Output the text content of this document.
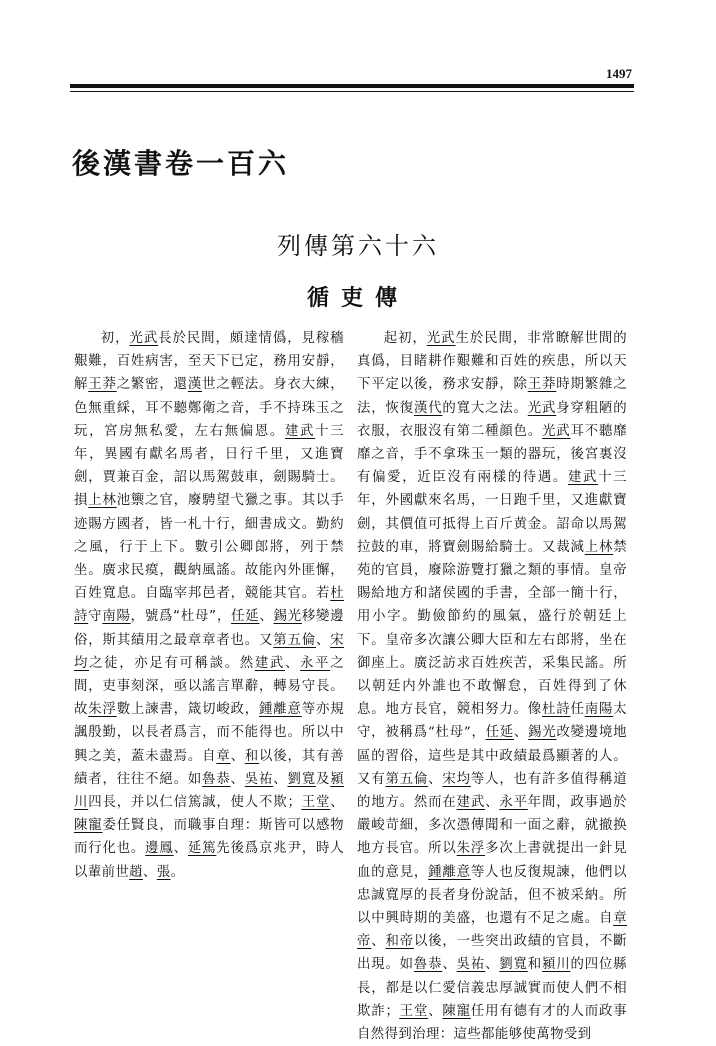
1497
後漢書卷一百六
列傳第六十六
循吏傳

初，光武長於民間，頗達情僞，見稼穡艱難，百姓病害，至天下已定，務用安靜，解王莽之繁密，還漢世之輕法。身衣大練，色無重綵，耳不聽鄭衛之音，手不持珠玉之玩，宮房無私愛，左右無偏恩。建武十三年，異國有獻名馬者，日行千里，又進寶劍，賈兼百金，詔以馬駕鼓車，劍賜騎士。損上林池籞之官，廢騁望弋獵之事。其以手迹賜方國者，皆一札十行，細書成文。勤約之風，行于上下。數引公卿郎將，列于禁坐。廣求民瘼，觀納風謠。故能內外匪懈，百姓寬息。自臨宰邦邑者，競能其官。若杜詩守南陽，號爲“杜母”，任延、錫光移變邊俗，斯其績用之最章章者也。又第五倫、宋均之徒，亦足有可稱談。然建武、永平之間，吏事刻深，亟以謠言單辭，轉易守長。故朱浮數上諫書，箴切峻政，鍾離意等亦規諷殷勤，以長者爲言，而不能得也。所以中興之美，蓋未盡焉。自章、和以後，其有善績者，往往不絕。如魯恭、吳祐、劉寬及潁川四長，并以仁信篤誠，使人不欺；王堂、陳寵委任賢良，而職事自理：斯皆可以感物而行化也。邊鳳、延篤先後爲京兆尹，時人以輩前世趙、張。

起初，光武生於民間，非常瞭解世間的真僞，目睹耕作艱難和百姓的疾患，所以天下平定以後，務求安靜，除王莽時期繁雜之法，恢復漢代的寬大之法。光武身穿粗陋的衣服，衣服沒有第二種顔色。光武耳不聽靡靡之音，手不拿珠玉一類的器玩，後宮裏沒有偏愛，近臣沒有兩樣的待遇。建武十三年，外國獻來名馬，一日跑千里，又進獻寶劍，其價值可抵得上百斤黄金。詔命以馬駕拉鼓的車，將寶劍賜給騎士。又裁減上林禁苑的官員，廢除游覽打獵之類的事情。皇帝賜給地方和諸侯國的手書，全部一簡十行，用小字。勤儉節約的風氣，盛行於朝廷上下。皇帝多次讓公卿大臣和左右郎將，坐在御座上。廣泛訪求百姓疾苦，采集民謠。所以朝廷内外誰也不敢懈怠，百姓得到了休息。地方長官，競相努力。像杜詩任南陽太守，被稱爲“杜母”，任延、錫光改變邊境地區的習俗，這些是其中政績最爲顯著的人。又有第五倫、宋均等人，也有許多值得稱道的地方。然而在建武、永平年間，政事過於嚴峻苛細，多次憑傳聞和一面之辭，就撤换地方長官。所以朱浮多次上書就提出一針見血的意見，鍾離意等人也反復規諫，他們以忠誠寬厚的長者身份說話，但不被采納。所以中興時期的美盛，也還有不足之處。自章帝、和帝以後，一些突出政績的官員，不斷出現。如魯恭、吳祐、劉寬和潁川的四位縣長，都是以仁愛信義忠厚誠實而使人們不相欺詐；王堂、陳寵任用有德有才的人而政事自然得到治理：這些都能够使萬物受到
